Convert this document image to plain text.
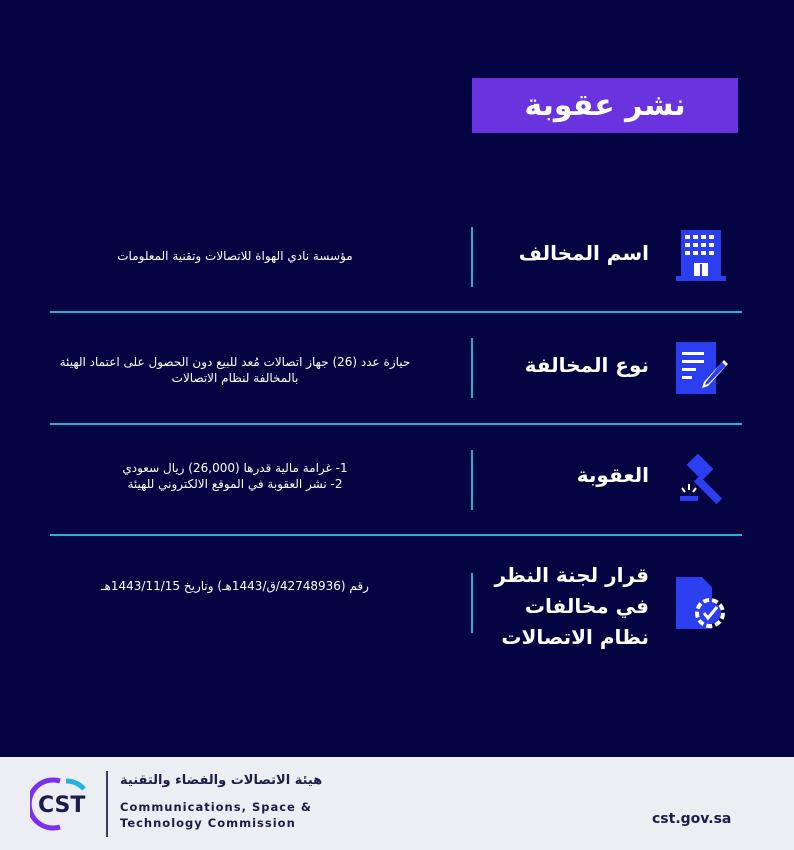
نشر عقوبة
اسم المخالف
مؤسسة نادي الهواة للاتصالات وتقنية المعلومات
نوع المخالفة
حيازة عدد (26) جهاز اتصالات مُعد للبيع دون الحصول على اعتماد الهيئة
بالمخالفة لنظام الاتصالات
العقوبة
1- غرامة مالية قدرها (26,000) ريال سعودي
2- نشر العقوبة في الموقع الالكتروني للهيئة
قرار لجنة النظر
في مخالفات
نظام الاتصالات
رقم (42748936/ق/1443هـ) وتاريخ 1443/11/15هـ
CST
هيئة الاتصالات والفضاء والتقنية
Communications, Space &
Technology Commission	cst.gov.sa
